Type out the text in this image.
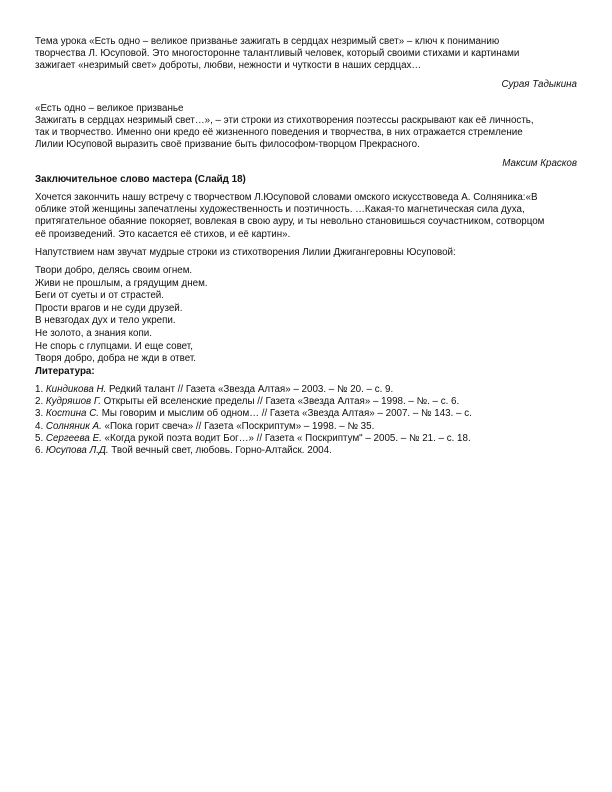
Тема урока «Есть одно – великое призванье зажигать в сердцах незримый свет» – ключ к пониманию

творчества Л. Юсуповой. Это многосторонне талантливый человек, который своими стихами и картинами

зажигает «незримый свет» доброты, любви, нежности и чуткости в наших сердцах…

Сурая Тадыкина

«Есть одно – великое призванье

Зажигать в сердцах незримый свет…», – эти строки из стихотворения поэтессы раскрывают как её личность,

так и творчество. Именно они кредо её жизненного поведения и творчества, в них отражается стремление

Лилии Юсуповой выразить своё призвание быть философом-творцом Прекрасного.

Максим Красков

Заключительное слово мастера (Слайд 18)

Хочется закончить нашу встречу с творчеством Л.Юсуповой словами омского искусствоведа А. Солняника:«В

облике этой женщины запечатлены художественность и поэтичность. …Какая-то магнетическая сила духа,

притягательное обаяние покоряет, вовлекая в свою ауру, и ты невольно становишься соучастником, сотворцом

её произведений. Это касается её стихов, и её картин».

Напутствием нам звучат мудрые строки из стихотворения Лилии Джигангеровны Юсуповой:

Твори добро, делясь своим огнем.

Живи не прошлым, а грядущим днем.

Беги от суеты и от страстей.

Прости врагов и не суди друзей.

В невзгодах дух и тело укрепи.

Не золото, а знания копи.

Не спорь с глупцами. И еще совет,

Творя добро, добра не жди в ответ.

Литература:

1. Киндикова Н. Редкий талант // Газета «Звезда Алтая» – 2003. – № 20. – с. 9.

2. Кудряшов Г. Открыты ей вселенские пределы // Газета «Звезда Алтая» – 1998. – №. – с. 6.

3. Костина С. Мы говорим и мыслим об одном… // Газета «Звезда Алтая» – 2007. – № 143. – с.

4. Солняник А. «Пока горит свеча» // Газета «Поскриптум» – 1998. – № 35.

5. Сергеева Е. «Когда рукой поэта водит Бог…» // Газета « Поскриптум" – 2005. – № 21. – с. 18.

6. Юсупова Л.Д. Твой вечный свет, любовь. Горно-Алтайск. 2004.
